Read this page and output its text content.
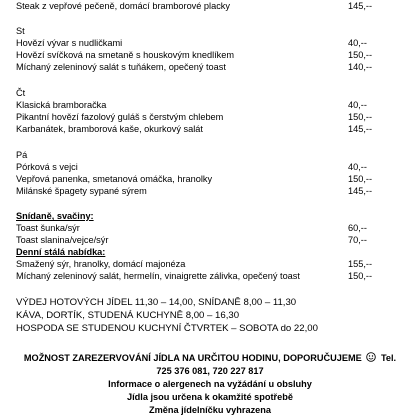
Steak z vepřové pečeně, domácí bramborové placky	145,--
St
Hovězí vývar s nudličkami	40,--
Hovězí svíčková na smetaně s houskovým knedlíkem	150,--
Míchaný zeleninový salát s tuňákem, opečený toast	140,--
Čt
Klasická bramboračka	40,--
Pikantní hovězí fazolový guláš s čerstvým chlebem	150,--
Karbanátek, bramborová kaše, okurkový salát	145,--
Pá
Pórková s vejci	40,--
Vepřová panenka, smetanová omáčka, hranolky	150,--
Milánské špagety sypané sýrem	145,--
Snídaně, svačiny:
Toast šunka/sýr	60,--
Toast slanina/vejce/sýr	70,--
Denní stálá nabídka:
Smažený sýr, hranolky, domácí majonéza	155,--
Míchaný zeleninový salát, hermelín, vinaigrette zálivka, opečený toast	150,--
VÝDEJ HOTOVÝCH JÍDEL 11,30 – 14,00, SNÍDANĚ 8,00 – 11,30
KÁVA, DORTÍK, STUDENÁ KUCHYNĚ 8,00 – 16,30
HOSPODA SE STUDENOU KUCHYNÍ ČTVRTEK – SOBOTA do 22,00
MOŽNOST ZAREZERVOVÁNÍ JÍDLA NA URČITOU HODINU, DOPORUČUJEME Tel.
725 376 081, 720 227 817
Informace o alergenech na vyžádání u obsluhy
Jídla jsou určena k okamžité spotřebě
Změna jídelníčku vyhrazena
